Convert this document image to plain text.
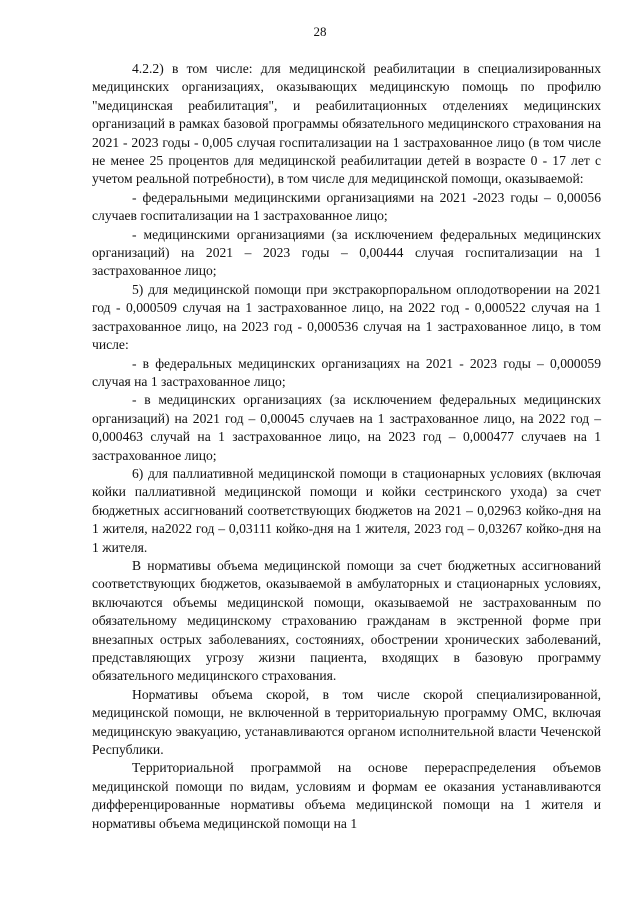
28

4.2.2) в том числе: для медицинской реабилитации в специализированных медицинских организациях, оказывающих медицинскую помощь по профилю "медицинская реабилитация", и реабилитационных отделениях медицинских организаций в рамках базовой программы обязательного медицинского страхования на 2021 - 2023 годы - 0,005 случая госпитализации на 1 застрахованное лицо (в том числе не менее 25 процентов для медицинской реабилитации детей в возрасте 0 - 17 лет с учетом реальной потребности), в том числе для медицинской помощи, оказываемой:

- федеральными медицинскими организациями на 2021 -2023 годы – 0,00056 случаев госпитализации на 1 застрахованное лицо;

- медицинскими организациями (за исключением федеральных медицинских организаций) на 2021 – 2023 годы – 0,00444 случая госпитализации на 1 застрахованное лицо;

5) для медицинской помощи при экстракорпоральном оплодотворении на 2021 год - 0,000509 случая на 1 застрахованное лицо, на 2022 год - 0,000522 случая на 1 застрахованное лицо, на 2023 год - 0,000536 случая на 1 застрахованное лицо, в том числе:

- в федеральных медицинских организациях на 2021 - 2023 годы – 0,000059 случая на 1 застрахованное лицо;

- в медицинских организациях (за исключением федеральных медицинских организаций) на 2021 год – 0,00045 случаев на 1 застрахованное лицо, на 2022 год – 0,000463 случай на 1 застрахованное лицо, на 2023 год – 0,000477 случаев на 1 застрахованное лицо;

6) для паллиативной медицинской помощи в стационарных условиях (включая койки паллиативной медицинской помощи и койки сестринского ухода) за счет бюджетных ассигнований соответствующих бюджетов на 2021 – 0,02963 койко-дня на 1 жителя, на2022 год – 0,03111 койко-дня на 1 жителя, 2023 год – 0,03267 койко-дня на 1 жителя.

В нормативы объема медицинской помощи за счет бюджетных ассигнований соответствующих бюджетов, оказываемой в амбулаторных и стационарных условиях, включаются объемы медицинской помощи, оказываемой не застрахованным по обязательному медицинскому страхованию гражданам в экстренной форме при внезапных острых заболеваниях, состояниях, обострении хронических заболеваний, представляющих угрозу жизни пациента, входящих в базовую программу обязательного медицинского страхования.

Нормативы объема скорой, в том числе скорой специализированной, медицинской помощи, не включенной в территориальную программу ОМС, включая медицинскую эвакуацию, устанавливаются органом исполнительной власти Чеченской Республики.

Территориальной программой на основе перераспределения объемов медицинской помощи по видам, условиям и формам ее оказания устанавливаются дифференцированные нормативы объема медицинской помощи на 1 жителя и нормативы объема медицинской помощи на 1
